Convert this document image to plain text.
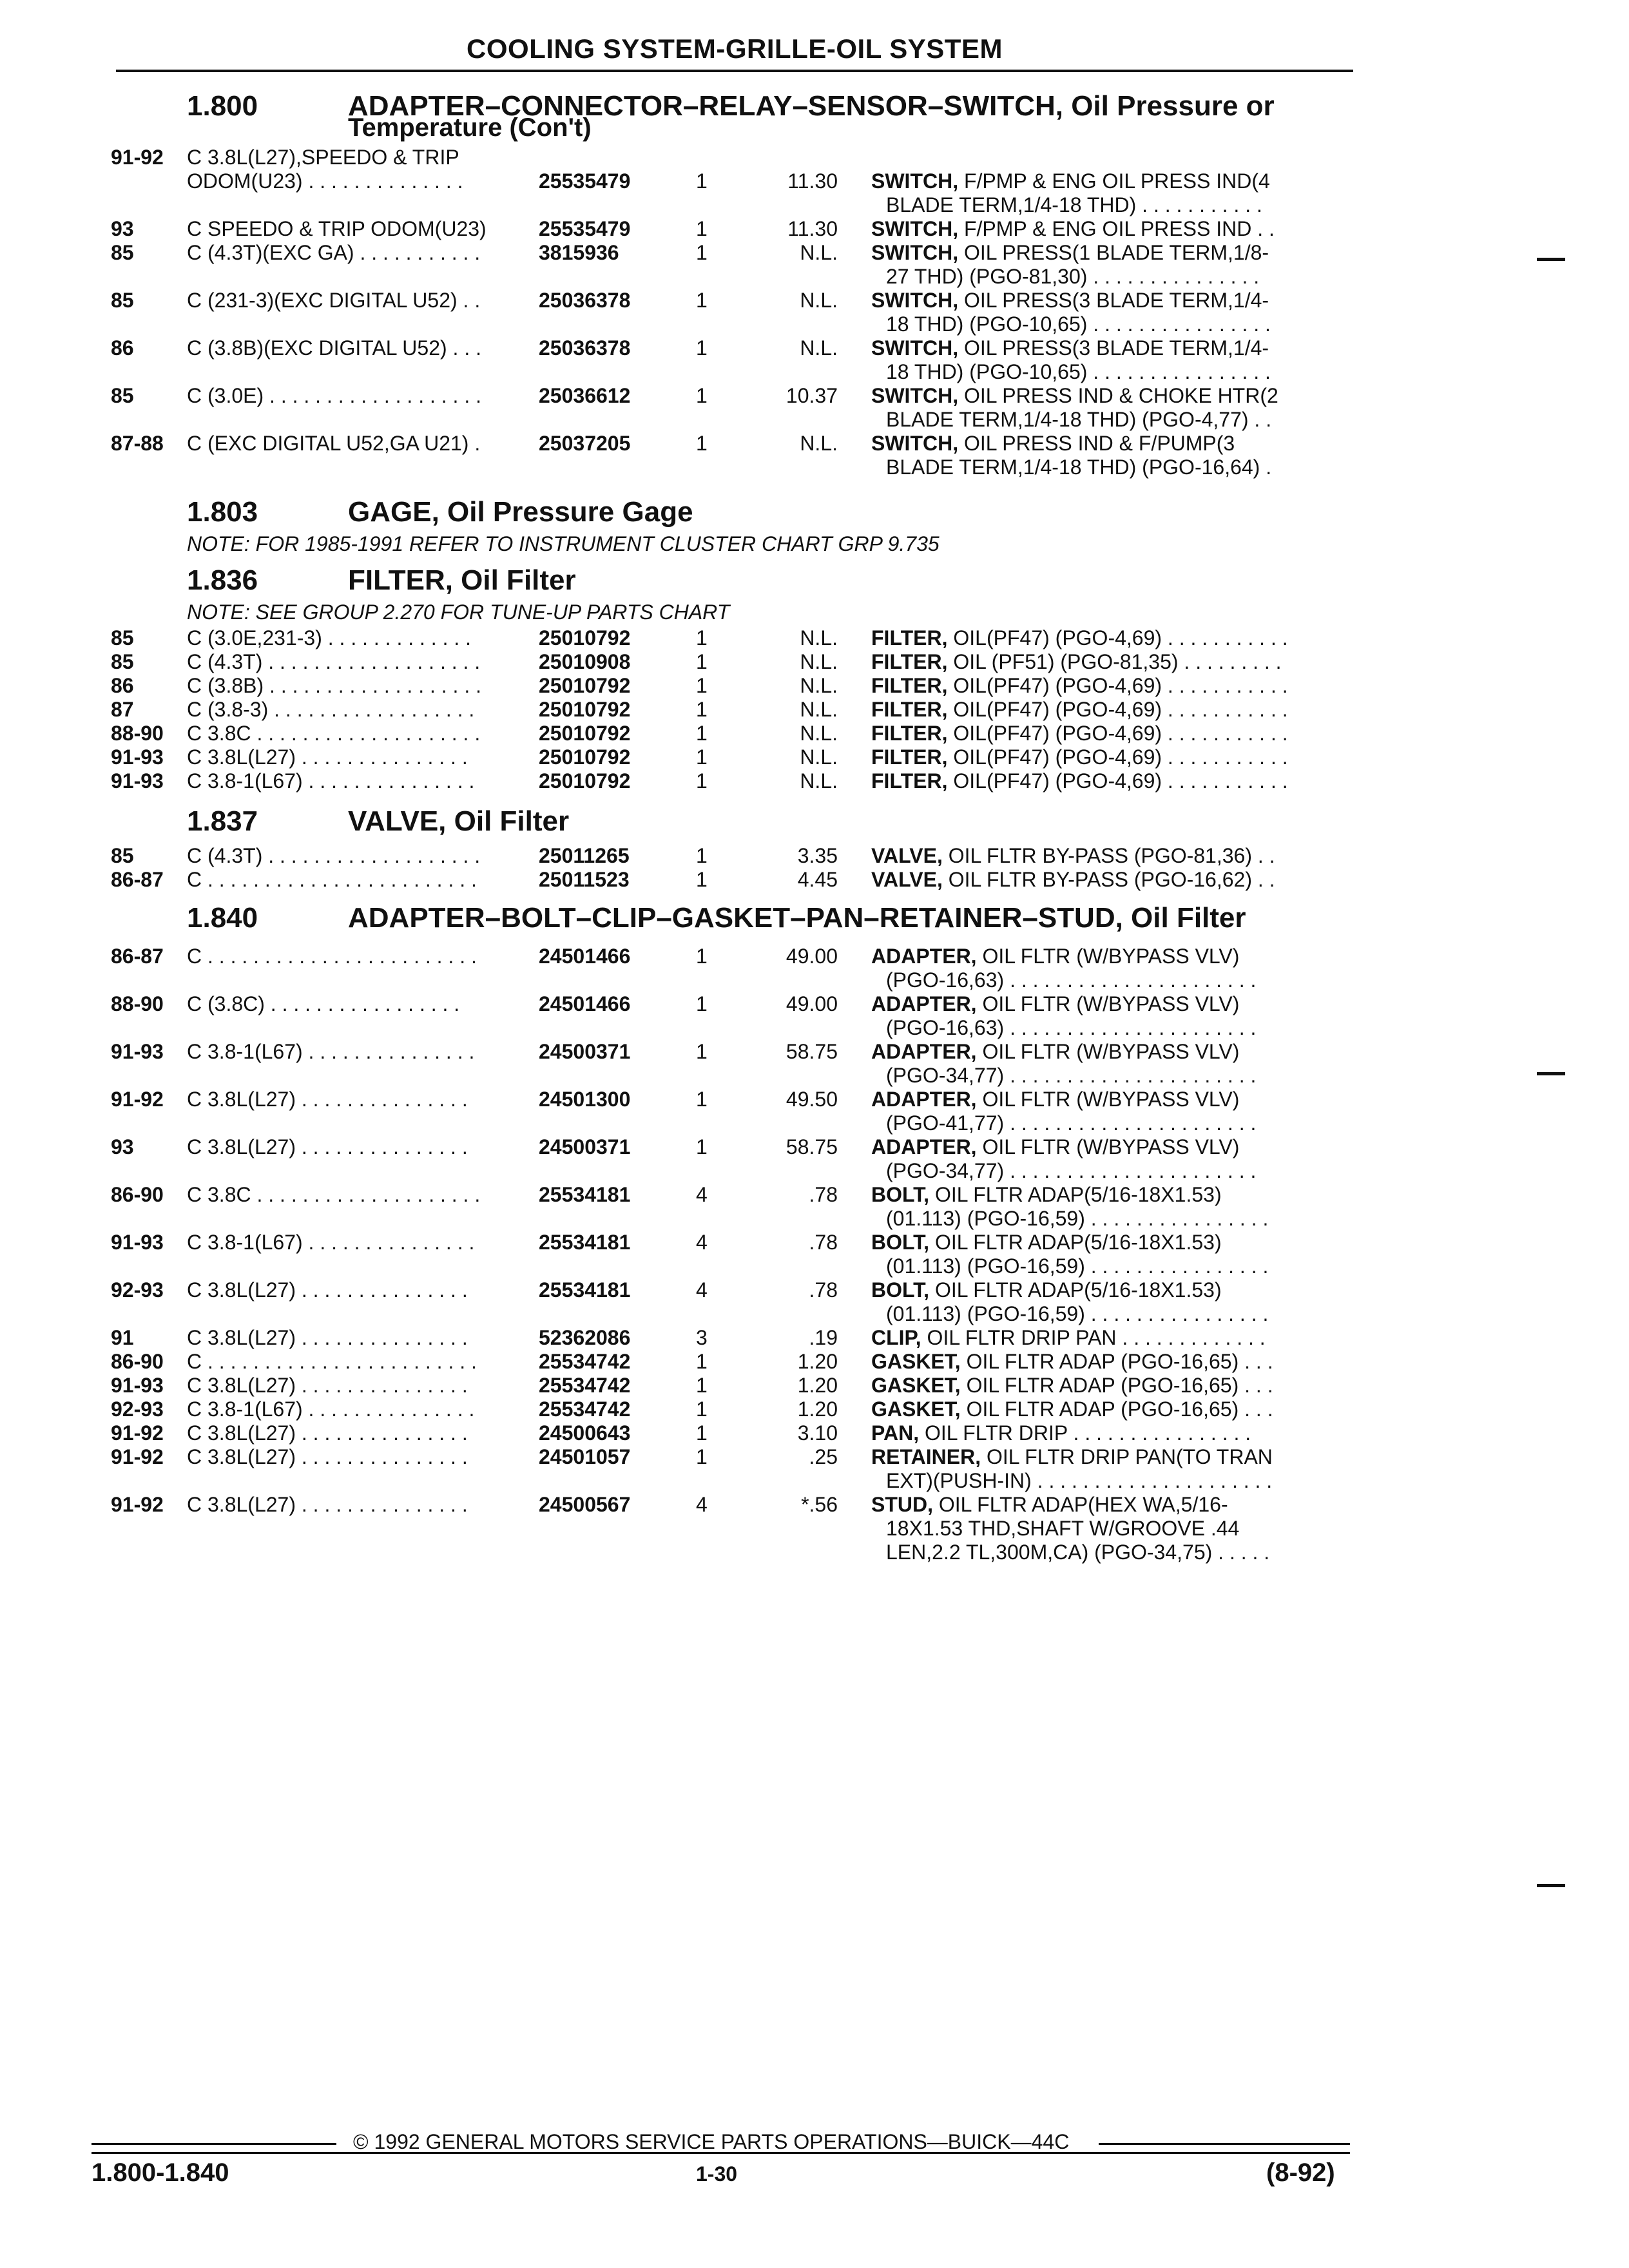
COOLING SYSTEM-GRILLE-OIL SYSTEM
1.800	ADAPTER–CONNECTOR–RELAY–SENSOR–SWITCH, Oil Pressure or
Temperature (Con't)
91-92 C 3.8L(L27),SPEEDO & TRIP
ODOM(U23) . . . . . . . . . . . . . .	25535479	1	11.30 SWITCH, F/PMP & ENG OIL PRESS IND(4
BLADE TERM,1/4-18 THD) . . . . . . . . . . .
93	C SPEEDO & TRIP ODOM(U23)	25535479	1	11.30 SWITCH, F/PMP & ENG OIL PRESS IND . .
85	C (4.3T)(EXC GA) . . . . . . . . . . .	3815936	1	N.L. SWITCH, OIL PRESS(1 BLADE TERM,1/8-
27 THD) (PGO-81,30) . . . . . . . . . . . . . . .
85	C (231-3)(EXC DIGITAL U52) . .	25036378	1	N.L. SWITCH, OIL PRESS(3 BLADE TERM,1/4-
18 THD) (PGO-10,65) . . . . . . . . . . . . . . . .
86	C (3.8B)(EXC DIGITAL U52) . . .	25036378	1	N.L. SWITCH, OIL PRESS(3 BLADE TERM,1/4-
18 THD) (PGO-10,65) . . . . . . . . . . . . . . . .
85	C (3.0E) . . . . . . . . . . . . . . . . . . .	25036612	1	10.37 SWITCH, OIL PRESS IND & CHOKE HTR(2
BLADE TERM,1/4-18 THD) (PGO-4,77) . .
87-88 C (EXC DIGITAL U52,GA U21) .	25037205	1	N.L. SWITCH, OIL PRESS IND & F/PUMP(3
BLADE TERM,1/4-18 THD) (PGO-16,64) .
1.803	GAGE, Oil Pressure Gage
NOTE: FOR 1985-1991 REFER TO INSTRUMENT CLUSTER CHART GRP 9.735
1.836	FILTER, Oil Filter
NOTE: SEE GROUP 2.270 FOR TUNE-UP PARTS CHART
85	C (3.0E,231-3) . . . . . . . . . . . . .	25010792	1	N.L. FILTER, OIL(PF47) (PGO-4,69) . . . . . . . . . . .
85	C (4.3T) . . . . . . . . . . . . . . . . . . .	25010908	1	N.L. FILTER, OIL (PF51) (PGO-81,35) . . . . . . . . .
86	C (3.8B) . . . . . . . . . . . . . . . . . . .	25010792	1	N.L. FILTER, OIL(PF47) (PGO-4,69) . . . . . . . . . . .
87	C (3.8-3) . . . . . . . . . . . . . . . . . .	25010792	1	N.L. FILTER, OIL(PF47) (PGO-4,69) . . . . . . . . . . .
88-90 C 3.8C . . . . . . . . . . . . . . . . . . . .	25010792	1	N.L. FILTER, OIL(PF47) (PGO-4,69) . . . . . . . . . . .
91-93 C 3.8L(L27) . . . . . . . . . . . . . . .	25010792	1	N.L. FILTER, OIL(PF47) (PGO-4,69) . . . . . . . . . . .
91-93 C 3.8-1(L67) . . . . . . . . . . . . . . .	25010792	1	N.L. FILTER, OIL(PF47) (PGO-4,69) . . . . . . . . . . .
1.837	VALVE, Oil Filter
85	C (4.3T) . . . . . . . . . . . . . . . . . . .	25011265	1	3.35 VALVE, OIL FLTR BY-PASS (PGO-81,36) . .
86-87 C . . . . . . . . . . . . . . . . . . . . . . . .	25011523	1	4.45 VALVE, OIL FLTR BY-PASS (PGO-16,62) . .
1.840	ADAPTER–BOLT–CLIP–GASKET–PAN–RETAINER–STUD, Oil Filter
86-87 C . . . . . . . . . . . . . . . . . . . . . . . .	24501466	1	49.00 ADAPTER, OIL FLTR (W/BYPASS VLV)
(PGO-16,63) . . . . . . . . . . . . . . . . . . . . . .
88-90 C (3.8C) . . . . . . . . . . . . . . . . .	24501466	1	49.00 ADAPTER, OIL FLTR (W/BYPASS VLV)
(PGO-16,63) . . . . . . . . . . . . . . . . . . . . . .
91-93 C 3.8-1(L67) . . . . . . . . . . . . . . .	24500371	1	58.75 ADAPTER, OIL FLTR (W/BYPASS VLV)
(PGO-34,77) . . . . . . . . . . . . . . . . . . . . . .
91-92 C 3.8L(L27) . . . . . . . . . . . . . . .	24501300	1	49.50 ADAPTER, OIL FLTR (W/BYPASS VLV)
(PGO-41,77) . . . . . . . . . . . . . . . . . . . . . .
93	C 3.8L(L27) . . . . . . . . . . . . . . .	24500371	1	58.75 ADAPTER, OIL FLTR (W/BYPASS VLV)
(PGO-34,77) . . . . . . . . . . . . . . . . . . . . . .
86-90 C 3.8C . . . . . . . . . . . . . . . . . . . .	25534181	4	.78 BOLT, OIL FLTR ADAP(5/16-18X1.53)
(01.113) (PGO-16,59) . . . . . . . . . . . . . . . .
91-93 C 3.8-1(L67) . . . . . . . . . . . . . . .	25534181	4	.78 BOLT, OIL FLTR ADAP(5/16-18X1.53)
(01.113) (PGO-16,59) . . . . . . . . . . . . . . . .
92-93 C 3.8L(L27) . . . . . . . . . . . . . . .	25534181	4	.78 BOLT, OIL FLTR ADAP(5/16-18X1.53)
(01.113) (PGO-16,59) . . . . . . . . . . . . . . . .
91	C 3.8L(L27) . . . . . . . . . . . . . . .	52362086	3	.19 CLIP, OIL FLTR DRIP PAN . . . . . . . . . . . . .
86-90 C . . . . . . . . . . . . . . . . . . . . . . . .	25534742	1	1.20 GASKET, OIL FLTR ADAP (PGO-16,65) . . .
91-93 C 3.8L(L27) . . . . . . . . . . . . . . .	25534742	1	1.20 GASKET, OIL FLTR ADAP (PGO-16,65) . . .
92-93 C 3.8-1(L67) . . . . . . . . . . . . . . .	25534742	1	1.20 GASKET, OIL FLTR ADAP (PGO-16,65) . . .
91-92 C 3.8L(L27) . . . . . . . . . . . . . . .	24500643	1	3.10 PAN, OIL FLTR DRIP . . . . . . . . . . . . . . . .
91-92 C 3.8L(L27) . . . . . . . . . . . . . . .	24501057	1	.25 RETAINER, OIL FLTR DRIP PAN(TO TRAN
EXT)(PUSH-IN) . . . . . . . . . . . . . . . . . . . . .
91-92 C 3.8L(L27) . . . . . . . . . . . . . . .	24500567	4	*.56 STUD, OIL FLTR ADAP(HEX WA,5/16-
18X1.53 THD,SHAFT W/GROOVE .44
LEN,2.2 TL,300M,CA) (PGO-34,75) . . . . .
© 1992 GENERAL MOTORS SERVICE PARTS OPERATIONS—BUICK—44C
1.800-1.840	1-30	(8-92)
